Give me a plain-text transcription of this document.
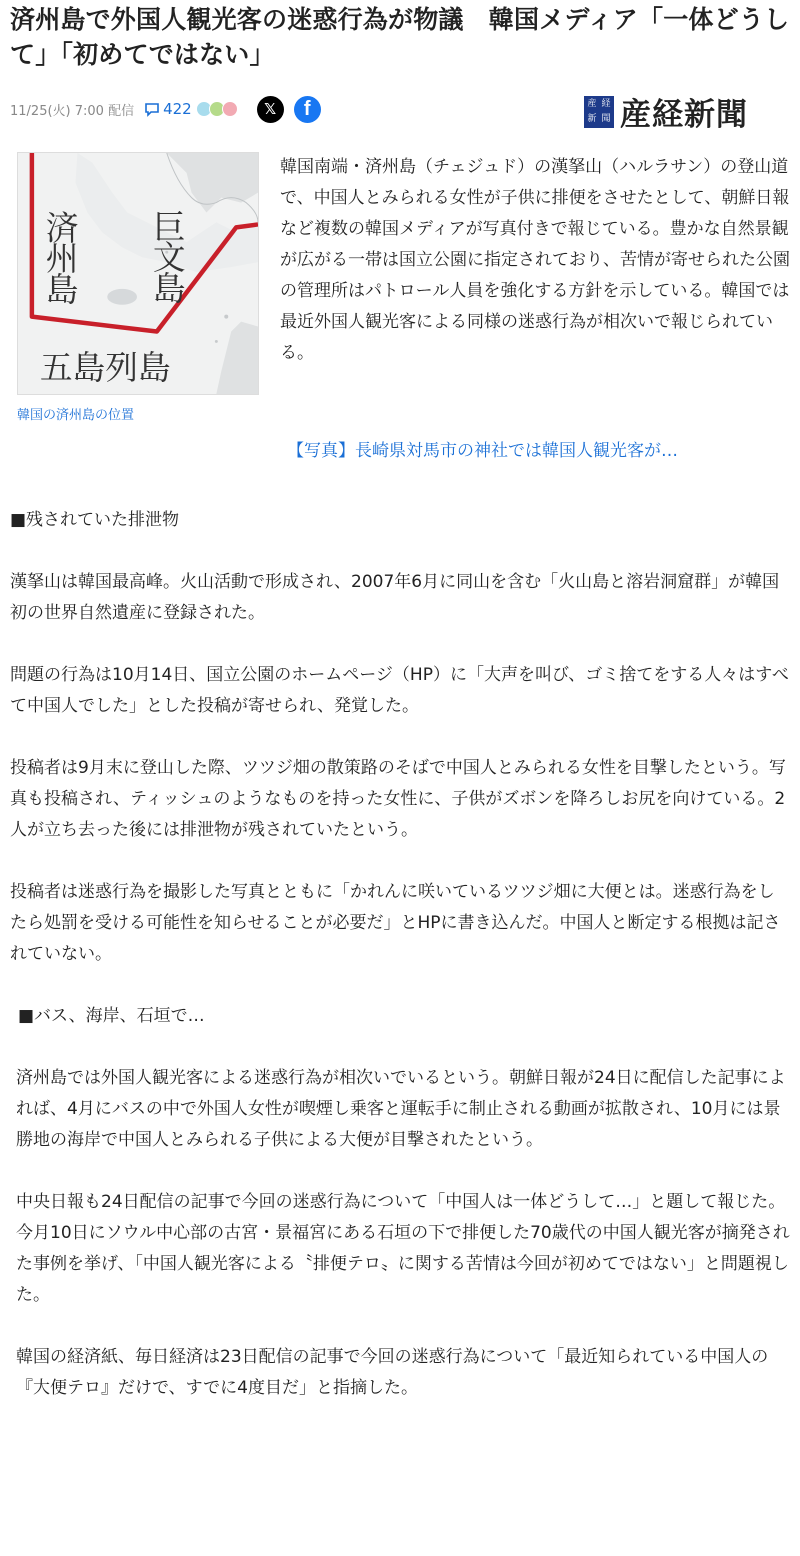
済州島で外国人観光客の迷惑行為が物議　韓国メディア「一体どうして」「初めてではない」
11/25(火) 7:00 配信 422	𝕏	f	産 経
新 聞 産経新聞
巨文島
済州島
五島列島
韓国の済州島の位置

韓国南端・済州島（チェジュド）の漢拏山（ハルラサン）の登山道で、中国人とみられる女性が子供に排便をさせたとして、朝鮮日報など複数の韓国メディアが写真付きで報じている。豊かな自然景観が広がる一帯は国立公園に指定されており、苦情が寄せられた公園の管理所はパトロール人員を強化する方針を示している。韓国では最近外国人観光客による同様の迷惑行為が相次いで報じられている。

【写真】長崎県対馬市の神社では韓国人観光客が…

■残されていた排泄物

漢拏山は韓国最高峰。火山活動で形成され、2007年6月に同山を含む「火山島と溶岩洞窟群」が韓国初の世界自然遺産に登録された。

問題の行為は10月14日、国立公園のホームページ（HP）に「大声を叫び、ゴミ捨てをする人々はすべて中国人でした」とした投稿が寄せられ、発覚した。

投稿者は9月末に登山した際、ツツジ畑の散策路のそばで中国人とみられる女性を目撃したという。写真も投稿され、ティッシュのようなものを持った女性に、子供がズボンを降ろしお尻を向けている。2人が立ち去った後には排泄物が残されていたという。

投稿者は迷惑行為を撮影した写真とともに「かれんに咲いているツツジ畑に大便とは。迷惑行為をしたら処罰を受ける可能性を知らせることが必要だ」とHPに書き込んだ。中国人と断定する根拠は記されていない。

■バス、海岸、石垣で…

済州島では外国人観光客による迷惑行為が相次いでいるという。朝鮮日報が24日に配信した記事によれば、4月にバスの中で外国人女性が喫煙し乗客と運転手に制止される動画が拡散され、10月には景勝地の海岸で中国人とみられる子供による大便が目撃されたという。

中央日報も24日配信の記事で今回の迷惑行為について「中国人は一体どうして…」と題して報じた。今月10日にソウル中心部の古宮・景福宮にある石垣の下で排便した70歳代の中国人観光客が摘発された事例を挙げ、「中国人観光客による〝排便テロ〟に関する苦情は今回が初めてではない」と問題視した。

韓国の経済紙、毎日経済は23日配信の記事で今回の迷惑行為について「最近知られている中国人の『大便テロ』だけで、すでに4度目だ」と指摘した。
